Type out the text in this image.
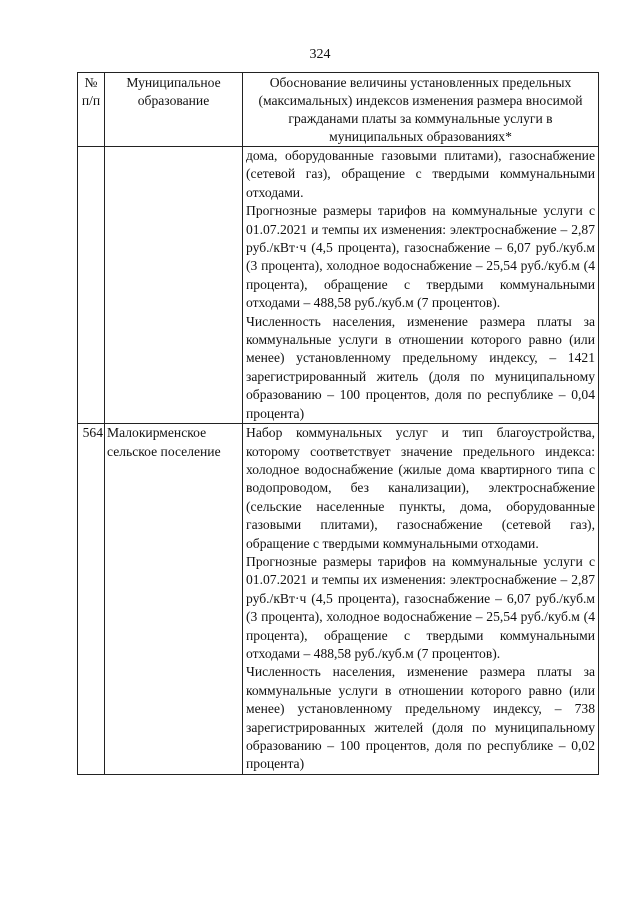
324
№ п/п	Муниципальное образование	Обоснование величины установленных предельных (максимальных) индексов изменения размера вносимой гражданами платы за коммунальные услуги в муниципальных образованиях*

		дома, оборудованные газовыми плитами), газоснабжение (сетевой газ), обращение с твердыми коммунальными отходами.
Прогнозные размеры тарифов на коммунальные услуги с 01.07.2021 и темпы их изменения: электроснабжение – 2,87 руб./кВт·ч (4,5 процента), газоснабжение – 6,07 руб./куб.м (3 процента), холодное водоснабжение – 25,54 руб./куб.м (4 процента), обращение с твердыми коммунальными отходами – 488,58 руб./куб.м (7 процентов).
Численность населения, изменение размера платы за коммунальные услуги в отношении которого равно (или менее) установленному предельному индексу, – 1421 зарегистрированный житель (доля по муниципальному образованию – 100 процентов, доля по республике – 0,04 процента)

564	Малокирменское сельское поселение	Набор коммунальных услуг и тип благоустройства, которому соответствует значение предельного индекса: холодное водоснабжение (жилые дома квартирного типа с водопроводом, без канализации), электроснабжение (сельские населенные пункты, дома, оборудованные газовыми плитами), газоснабжение (сетевой газ), обращение с твердыми коммунальными отходами.
Прогнозные размеры тарифов на коммунальные услуги с 01.07.2021 и темпы их изменения: электроснабжение – 2,87 руб./кВт·ч (4,5 процента), газоснабжение – 6,07 руб./куб.м (3 процента), холодное водоснабжение – 25,54 руб./куб.м (4 процента), обращение с твердыми коммунальными отходами – 488,58 руб./куб.м (7 процентов).
Численность населения, изменение размера платы за коммунальные услуги в отношении которого равно (или менее) установленному предельному индексу, – 738 зарегистрированных жителей (доля по муниципальному образованию – 100 процентов, доля по республике – 0,02 процента)
